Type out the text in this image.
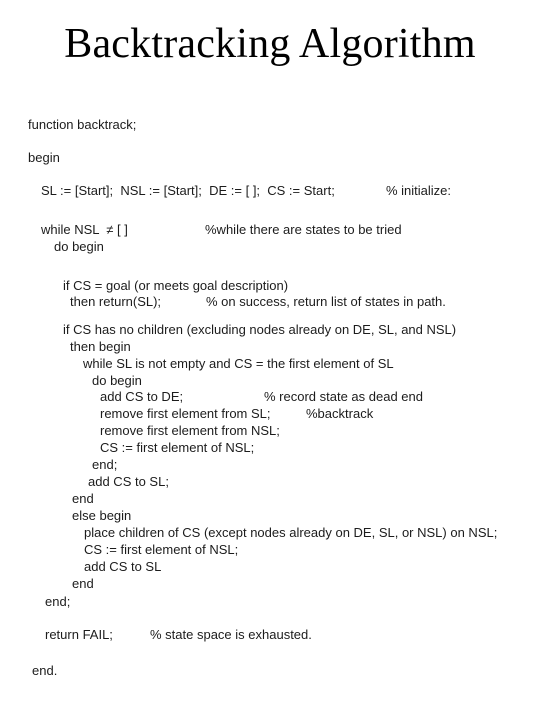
Backtracking Algorithm
function backtrack;
begin
SL := [Start];  NSL := [Start];  DE := [ ];  CS := Start;	% initialize:
while NSL  ≠ [ ]	%while there are states to be tried
do begin
if CS = goal (or meets goal description)
then return(SL);	% on success, return list of states in path.
if CS has no children (excluding nodes already on DE, SL, and NSL)
then begin
while SL is not empty and CS = the first element of SL
do begin
add CS to DE;	% record state as dead end
remove first element from SL;	%backtrack
remove first element from NSL;
CS := first element of NSL;
end;
add CS to SL;
end
else begin
place children of CS (except nodes already on DE, SL, or NSL) on NSL;
CS := first element of NSL;
add CS to SL
end
end;
return FAIL;	% state space is exhausted.
end.
